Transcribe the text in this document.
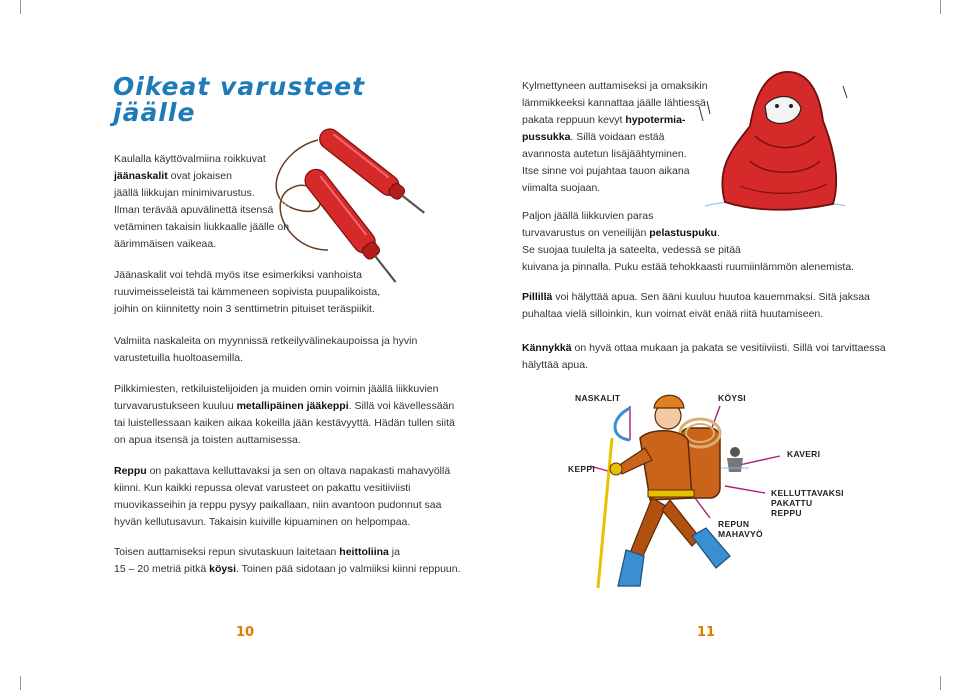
Oikeat varusteet
jäälle

Kaulalla käyttövalmiina roikkuvat
jäänaskalit ovat jokaisen
jäällä liikkujan minimivarustus.
Ilman terävää apuvälinettä itsensä
vetäminen takaisin liukkaalle jäälle on
äärimmäisen vaikeaa.

Jäänaskalit voi tehdä myös itse esimerkiksi vanhoista
ruuvimeisseleistä tai kämmeneen sopivista puupalikoista,
joihin on kiinnitetty noin 3 senttimetrin pituiset teräspiikit.

Valmiita naskaleita on myynnissä retkeilyvälinekaupoissa ja hyvin
varustetuilla huoltoasemilla.

Pilkkimiesten, retkiluistelijoiden ja muiden omin voimin jäällä liikkuvien
turvavarustukseen kuuluu metallipäinen jääkeppi. Sillä voi kävellessään
tai luistellessaan kaiken aikaa kokeilla jään kestävyyttä. Hädän tullen siitä
on apua itsensä ja toisten auttamisessa.

Reppu on pakattava kelluttavaksi ja sen on oltava napakasti mahavyöllä
kiinni. Kun kaikki repussa olevat varusteet on pakattu vesitiiviisti
muovikasseihin ja reppu pysyy paikallaan, niin avantoon pudonnut saa
hyvän kellutusavun. Takaisin kuiville kipuaminen on helpompaa.

Toisen auttamiseksi repun sivutaskuun laitetaan heittoliina ja
15 – 20 metriä pitkä köysi. Toinen pää sidotaan jo valmiiksi kiinni reppuun.

10

Kylmettyneen auttamiseksi ja omaksikin
lämmikkeeksi kannattaa jäälle lähtiessä
pakata reppuun kevyt hypotermia-
pussukka. Sillä voidaan estää
avannosta autetun lisäjäähtyminen.
Itse sinne voi pujahtaa tauon aikana
viimalta suojaan.

Paljon jäällä liikkuvien paras
turvavarustus on veneilijän pelastuspuku.
Se suojaa tuulelta ja sateelta, vedessä se pitää
kuivana ja pinnalla. Puku estää tehokkaasti ruumiinlämmön alenemista.

Pillillä voi hälyttää apua. Sen ääni kuuluu huutoa kauemmaksi. Sitä jaksaa
puhaltaa vielä silloinkin, kun voimat eivät enää riitä huutamiseen.

Kännykkä on hyvä ottaa mukaan ja pakata se vesitiiviisti. Sillä voi tarvittaessa
hälyttää apua.

NASKALIT	KÖYSI
KAVERI
KEPPI
KELLUTTAVAKSI
PAKATTU
REPPU
REPUN
MAHAVYÖ
11
